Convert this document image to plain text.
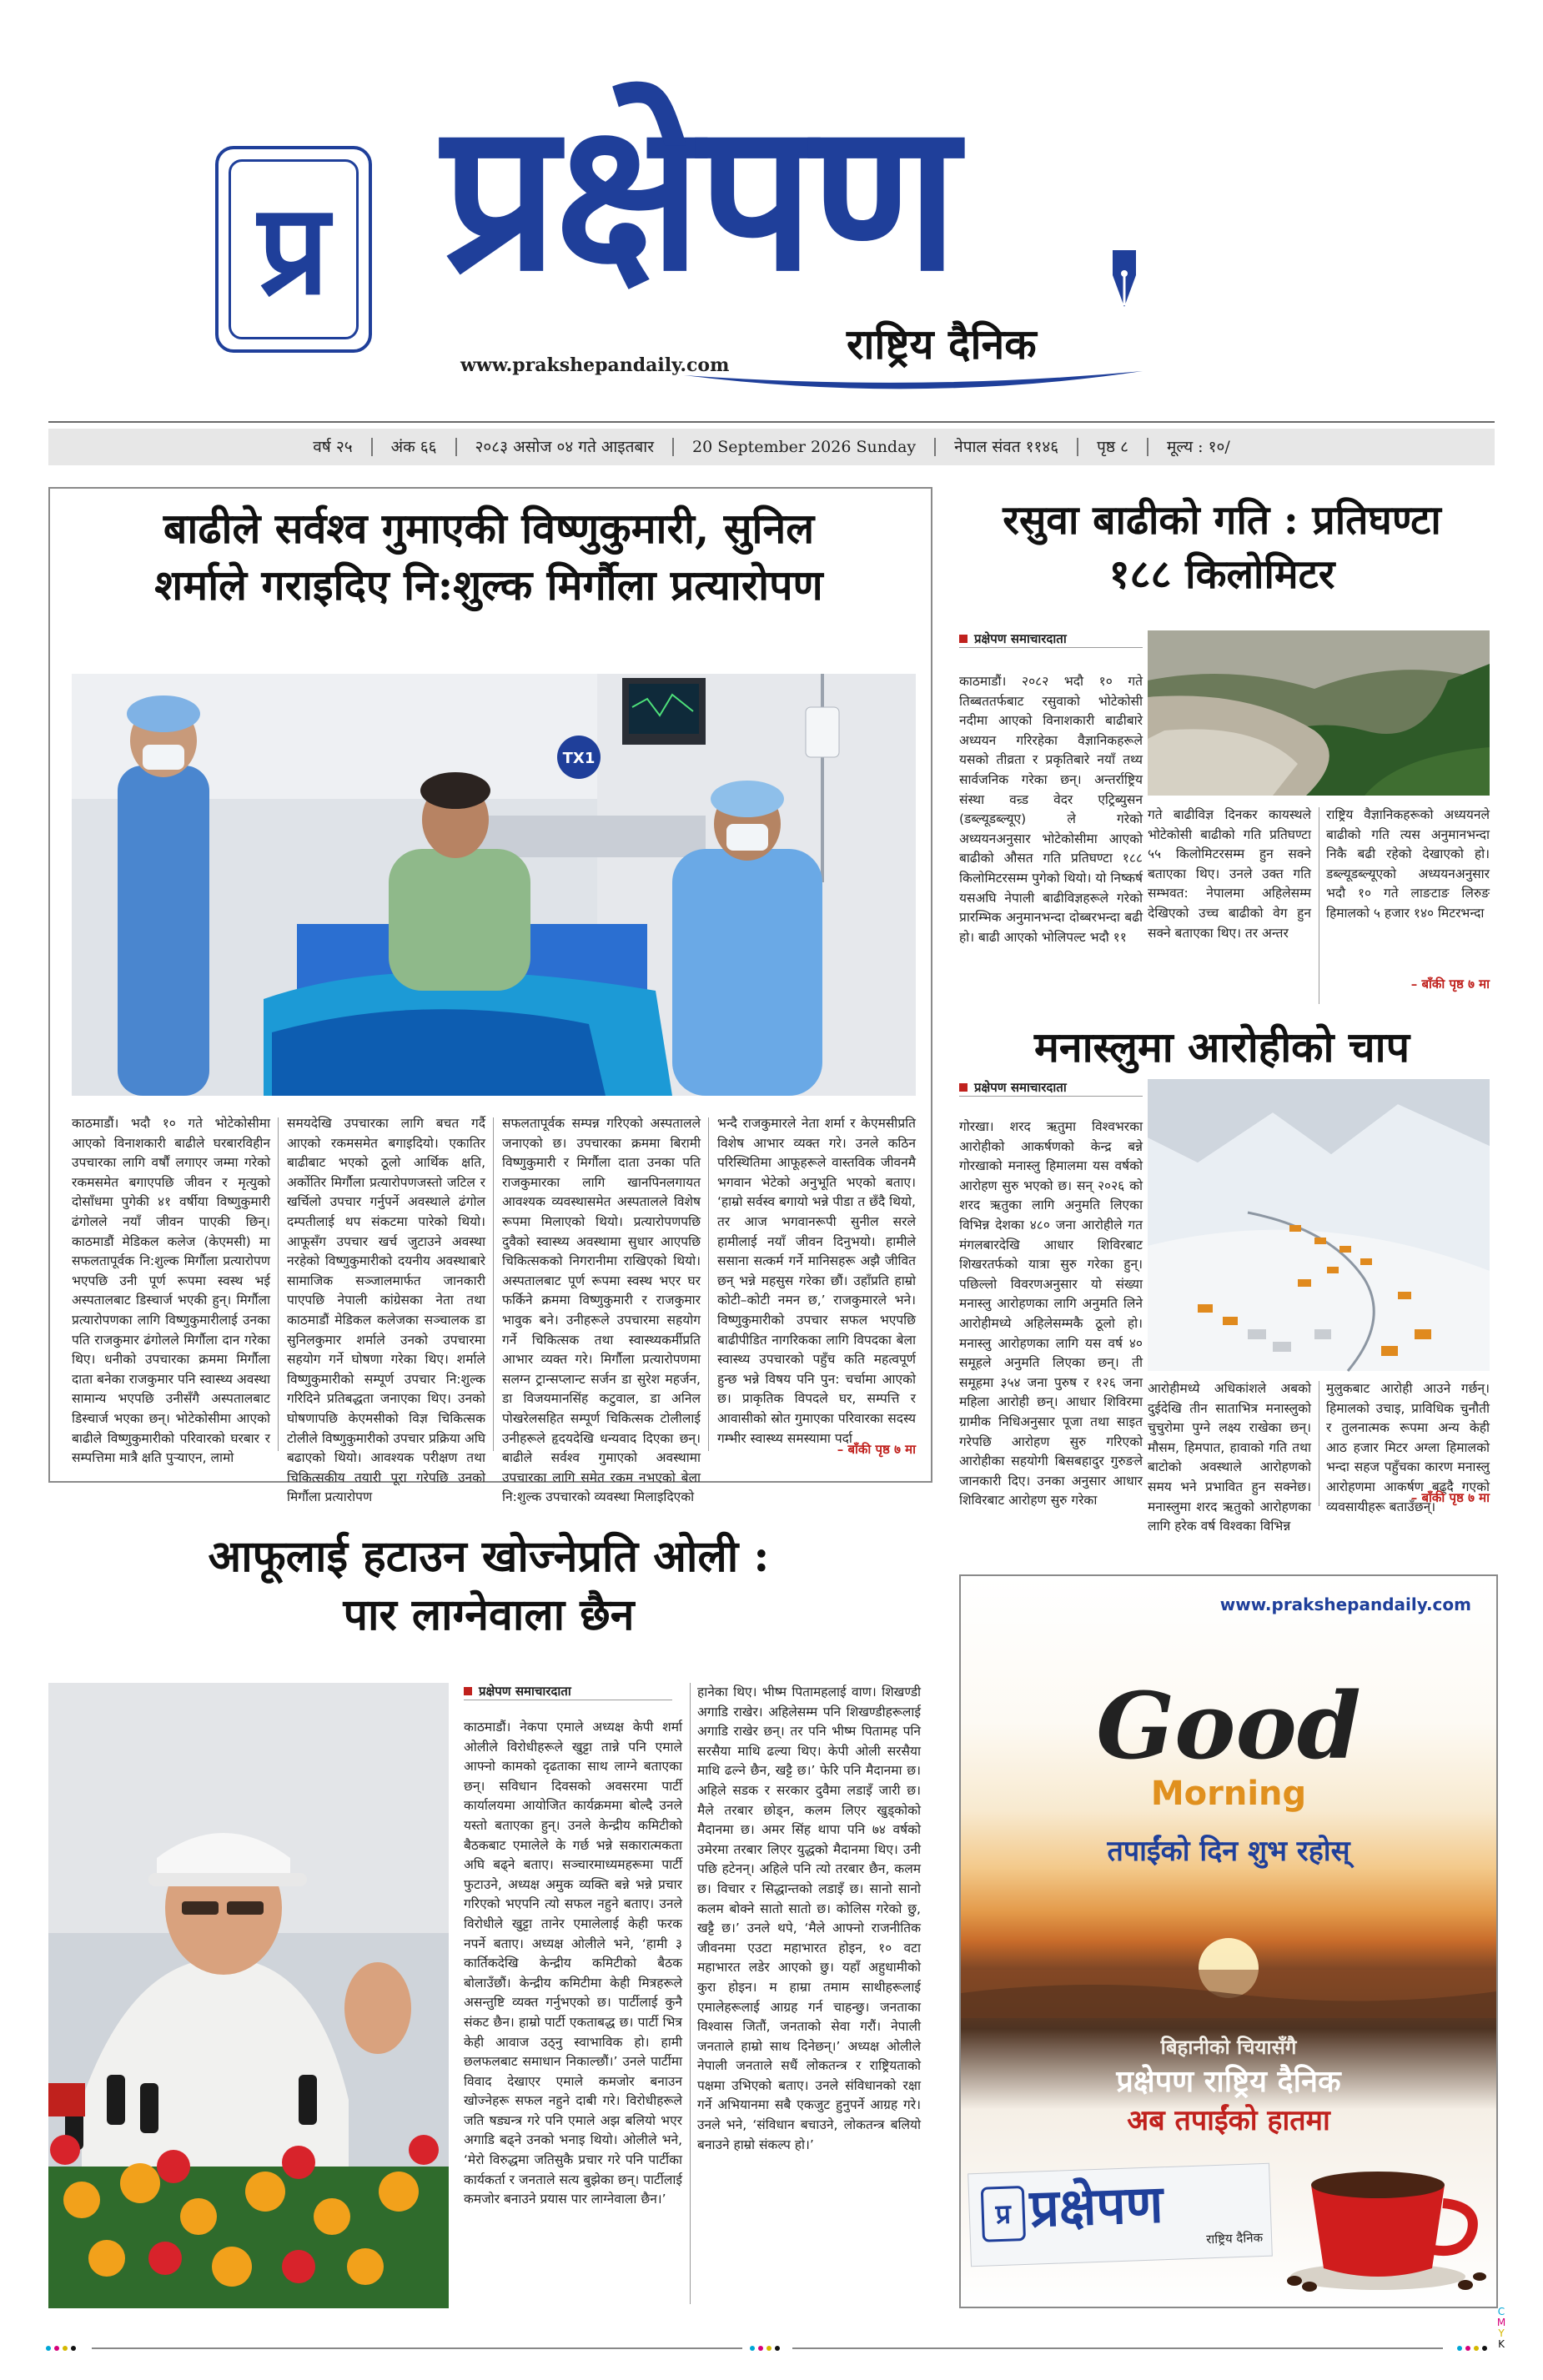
प्र प्रक्षेपण
राष्ट्रिय दैनिक
www.prakshepandaily.com
वर्ष २५	अंक ६६	२०८३ असोज ०४ गते आइतबार	20 September 2026 Sunday	नेपाल संवत ११४६	पृष्ठ ८	मूल्य : १०/
बाढीले सर्वश्व गुमाएकी विष्णुकुमारी, सुनिल
शर्माले गराइदिए नि:शुल्क मिर्गौला प्रत्यारोपण
TX1
काठमाडौं। भदौ १० गते भोटेकोसीमा आएको विनाशकारी बाढीले घरबारविहीन उपचारका लागि वर्षौं लगाएर जम्मा गरेको रकमसमेत बगाएपछि जीवन र मृत्युको दोसाँधमा पुगेकी ४१ वर्षीया विष्णुकुमारी ढंगोलले नयाँ जीवन पाएकी छिन्। काठमाडौं मेडिकल कलेज (केएमसी) मा सफलतापूर्वक नि:शुल्क मिर्गौला प्रत्यारोपण भएपछि उनी पूर्ण रूपमा स्वस्थ भई अस्पतालबाट डिस्चार्ज भएकी हुन्। मिर्गौला प्रत्यारोपणका लागि विष्णुकुमारीलाई उनका पति राजकुमार ढंगोलले मिर्गौला दान गरेका थिए। धनीको उपचारका क्रममा मिर्गौला दाता बनेका राजकुमार पनि स्वास्थ्य अवस्था सामान्य भएपछि उनीसँगै अस्पतालबाट डिस्चार्ज भएका छन्। भोटेकोसीमा आएको बाढीले विष्णुकुमारीको परिवारको घरबार र सम्पत्तिमा मात्रै क्षति पुऱ्याएन, लामो
समयदेखि उपचारका लागि बचत गर्दै आएको रकमसमेत बगाइदियो। एकातिर बाढीबाट भएको ठूलो आर्थिक क्षति, अर्कोतिर मिर्गौला प्रत्यारोपणजस्तो जटिल र खर्चिलो उपचार गर्नुपर्ने अवस्थाले ढंगोल दम्पतीलाई थप संकटमा पारेको थियो। आफूसँग उपचार खर्च जुटाउने अवस्था नरहेको विष्णुकुमारीको दयनीय अवस्थाबारे सामाजिक सञ्जालमार्फत जानकारी पाएपछि नेपाली कांग्रेसका नेता तथा काठमाडौं मेडिकल कलेजका सञ्चालक डा सुनिलकुमार शर्माले उनको उपचारमा सहयोग गर्ने घोषणा गरेका थिए। शर्माले विष्णुकुमारीको सम्पूर्ण उपचार नि:शुल्क गरिदिने प्रतिबद्धता जनाएका थिए। उनको घोषणापछि केएमसीको विज्ञ चिकित्सक टोलीले विष्णुकुमारीको उपचार प्रक्रिया अघि बढाएको थियो। आवश्यक परीक्षण तथा चिकित्सकीय तयारी पूरा गरेपछि उनको मिर्गौला प्रत्यारोपण
सफलतापूर्वक सम्पन्न गरिएको अस्पतालले जनाएको छ। उपचारका क्रममा बिरामी विष्णुकुमारी र मिर्गौला दाता उनका पति राजकुमारका लागि खानपिनलगायत आवश्यक व्यवस्थासमेत अस्पतालले विशेष रूपमा मिलाएको थियो। प्रत्यारोपणपछि दुवैको स्वास्थ्य अवस्थामा सुधार आएपछि चिकित्सकको निगरानीमा राखिएको थियो। अस्पतालबाट पूर्ण रूपमा स्वस्थ भएर घर फर्किने क्रममा विष्णुकुमारी र राजकुमार भावुक बने। उनीहरूले उपचारमा सहयोग गर्ने चिकित्सक तथा स्वास्थ्यकर्मीप्रति आभार व्यक्त गरे। मिर्गौला प्रत्यारोपणमा सलग्न ट्रान्सप्लान्ट सर्जन डा सुरेश महर्जन, डा विजयमानसिंह कटुवाल, डा अनिल पोखरेलसहित सम्पूर्ण चिकित्सक टोलीलाई उनीहरूले हृदयदेखि धन्यवाद दिएका छन्। बाढीले सर्वश्व गुमाएको अवस्थामा उपचारका लागि समेत रकम नभएको बेला नि:शुल्क उपचारको व्यवस्था मिलाइदिएको
भन्दै राजकुमारले नेता शर्मा र केएमसीप्रति विशेष आभार व्यक्त गरे। उनले कठिन परिस्थितिमा आफूहरूले वास्तविक जीवनमै भगवान भेटेको अनुभूति भएको बताए। ‘हाम्रो सर्वस्व बगायो भन्ने पीडा त छँदै थियो, तर आज भगवानरूपी सुनील सरले हामीलाई नयाँ जीवन दिनुभयो। हामीले ससाना सत्कर्म गर्ने मानिसहरू अझै जीवित छन् भन्ने महसुस गरेका छौं। उहाँप्रति हाम्रो कोटी–कोटी नमन छ,’ राजकुमारले भने। विष्णुकुमारीको उपचार सफल भएपछि बाढीपीडित नागरिकका लागि विपदका बेला स्वास्थ्य उपचारको पहुँच कति महत्वपूर्ण हुन्छ भन्ने विषय पनि पुन: चर्चामा आएको छ। प्राकृतिक विपदले घर, सम्पत्ति र आवासीको स्रोत गुमाएका परिवारका सदस्य गम्भीर स्वास्थ्य समस्यामा पर्दा
– बाँकी पृष्ठ ७ मा
रसुवा बाढीको गति : प्रतिघण्टा
१८८ किलोमिटर
प्रक्षेपण समाचारदाता
काठमाडौं। २०८२ भदौ १० गते तिब्बततर्फबाट रसुवाको भोटेकोसी नदीमा आएको विनाशकारी बाढीबारे अध्ययन गरिरहेका वैज्ञानिकहरूले यसको तीव्रता र प्रकृतिबारे नयाँ तथ्य सार्वजनिक गरेका छन्। अन्तर्राष्ट्रिय संस्था वन्र्ड वेदर एट्रिब्युसन (डब्ल्यूडब्ल्यूए) ले गरेको अध्ययनअनुसार भोटेकोसीमा आएको बाढीको औसत गति प्रतिघण्टा १८८ किलोमिटरसम्म पुगेको थियो। यो निष्कर्ष यसअघि नेपाली बाढीविज्ञहरूले गरेको प्रारम्भिक अनुमानभन्दा दोब्बरभन्दा बढी हो। बाढी आएको भोलिपल्ट भदौ ११
गते बाढीविज्ञ दिनकर कायस्थले भोटेकोसी बाढीको गति प्रतिघण्टा ५५ किलोमिटरसम्म हुन सक्ने बताएका थिए। उनले उक्त गति सम्भवत: नेपालमा अहिलेसम्म देखिएको उच्च बाढीको वेग हुन सक्ने बताएका थिए। तर अन्तर
राष्ट्रिय वैज्ञानिकहरूको अध्ययनले बाढीको गति त्यस अनुमानभन्दा निकै बढी रहेको देखाएको हो। डब्ल्यूडब्ल्यूएको अध्ययनअनुसार भदौ १० गते लाङटाङ लिरुङ हिमालको ५ हजार १४० मिटरभन्दा
– बाँकी पृष्ठ ७ मा
मनास्लुमा आरोहीको चाप
प्रक्षेपण समाचारदाता
गोरखा। शरद ऋतुमा विश्वभरका आरोहीको आकर्षणको केन्द्र बन्ने गोरखाको मनास्लु हिमालमा यस वर्षको आरोहण सुरु भएको छ। सन् २०२६ को शरद ऋतुका लागि अनुमति लिएका विभिन्न देशका ४८० जना आरोहीले गत मंगलबारदेखि आधार शिविरबाट शिखरतर्फको यात्रा सुरु गरेका हुन्। पछिल्लो विवरणअनुसार यो संख्या मनास्लु आरोहणका लागि अनुमति लिने आरोहीमध्ये अहिलेसम्मकै ठूलो हो। मनास्लु आरोहणका लागि यस वर्ष ४० समूहले अनुमति लिएका छन्। ती समूहमा ३५४ जना पुरुष र १२६ जना महिला आरोही छन्। आधार शिविरमा ग्रामीक निधिअनुसार पूजा तथा साइत गरेपछि आरोहण सुरु गरिएको आरोहीका सहयोगी बिसबहादुर गुरुङले जानकारी दिए। उनका अनुसार आधार शिविरबाट आरोहण सुरु गरेका
आरोहीमध्ये अधिकांशले अबको दुईदेखि तीन साताभित्र मनास्लुको चुचुरोमा पुग्ने लक्ष्य राखेका छन्। मौसम, हिमपात, हावाको गति तथा बाटोको अवस्थाले आरोहणको समय भने प्रभावित हुन सक्नेछ। मनास्लुमा शरद ऋतुको आरोहणका लागि हरेक वर्ष विश्वका विभिन्न
मुलुकबाट आरोही आउने गर्छन्। हिमालको उचाइ, प्राविधिक चुनौती र तुलनात्मक रूपमा अन्य केही आठ हजार मिटर अग्ला हिमालको भन्दा सहज पहुँचका कारण मनास्लु आरोहणमा आकर्षण बढ्दै गएको व्यवसायीहरू बताउँछन्।
– बाँकी पृष्ठ ७ मा
आफूलाई हटाउन खोज्नेप्रति ओली :
पार लाग्नेवाला छैन
प्रक्षेपण समाचारदाता
काठमाडौं। नेकपा एमाले अध्यक्ष केपी शर्मा ओलीले विरोधीहरूले खुट्टा तान्ने पनि एमाले आफ्नो कामको दृढताका साथ लाग्ने बताएका छन्। सविधान दिवसको अवसरमा पार्टी कार्यालयमा आयोजित कार्यक्रममा बोल्दै उनले यस्तो बताएका हुन्। उनले केन्द्रीय कमिटीको बैठकबाट एमालेले के गर्छ भन्ने सकारात्मकता अघि बढ्ने बताए। सञ्चारमाध्यमहरूमा पार्टी फुटाउने, अध्यक्ष अमुक व्यक्ति बन्ने भन्ने प्रचार गरिएको भएपनि त्यो सफल नहुने बताए। उनले विरोधीले खुट्टा तानेर एमालेलाई केही फरक नपर्ने बताए। अध्यक्ष ओलीले भने, ‘हामी ३ कार्तिकदेखि केन्द्रीय कमिटीको बैठक बोलाउँछौं। केन्द्रीय कमिटीमा केही मित्रहरूले असन्तुष्टि व्यक्त गर्नुभएको छ। पार्टीलाई कुनै संकट छैन। हाम्रो पार्टी एकताबद्ध छ। पार्टी भित्र केही आवाज उठ्नु स्वाभाविक हो। हामी छलफलबाट समाधान निकाल्छौं।’ उनले पार्टीमा विवाद देखाएर एमाले कमजोर बनाउन खोज्नेहरू सफल नहुने दाबी गरे। विरोधीहरूले जति षड्यन्त्र गरे पनि एमाले अझ बलियो भएर अगाडि बढ्ने उनको भनाइ थियो। ओलीले भने, ‘मेरो विरुद्धमा जतिसुकै प्रचार गरे पनि पार्टीका कार्यकर्ता र जनताले सत्य बुझेका छन्। पार्टीलाई कमजोर बनाउने प्रयास पार लाग्नेवाला छैन।’
हानेका थिए। भीष्म पितामहलाई वाण। शिखण्डी अगाडि राखेर। अहिलेसम्म पनि शिखण्डीहरूलाई अगाडि राखेर छन्। तर पनि भीष्म पितामह पनि सरसैया माथि ढल्या थिए। केपी ओली सरसैया माथि ढल्ने छैन, खट्टै छ।’ फेरि पनि मैदानमा छ। अहिले सडक र सरकार दुवैमा लडाइँ जारी छ। मैले तरबार छोड्न, कलम लिएर खुड्कोको मैदानमा छ। अमर सिंह थापा पनि ७४ वर्षको उमेरमा तरबार लिएर युद्धको मैदानमा थिए। उनी पछि हटेनन्। अहिले पनि त्यो तरबार छैन, कलम छ। विचार र सिद्धान्तको लडाइँ छ। सानो सानो कलम बोक्ने सातो सातो छ। कोलिस गरेको छु, खट्टै छ।’ उनले थपे, ‘मैले आफ्नो राजनीतिक जीवनमा एउटा महाभारत होइन, १० वटा महाभारत लडेर आएको छु। यहाँ अहुधामीको कुरा होइन। म हाम्रा तमाम साथीहरूलाई एमालेहरूलाई आग्रह गर्न चाहन्छु। जनताका विश्वास जितौं, जनताको सेवा गरौं। नेपाली जनताले हाम्रो साथ दिनेछन्।’ अध्यक्ष ओलीले नेपाली जनताले सधैं लोकतन्त्र र राष्ट्रियताको पक्षमा उभिएको बताए। उनले संविधानको रक्षा गर्ने अभियानमा सबै एकजुट हुनुपर्ने आग्रह गरे। उनले भने, ‘संविधान बचाउने, लोकतन्त्र बलियो बनाउने हाम्रो संकल्प हो।’
www.prakshepandaily.com
Good
Morning
तपाईंको दिन शुभ रहोस्
बिहानीको चियासँगै
प्रक्षेपण राष्ट्रिय दैनिक
अब तपाईंको हातमा
प्र प्रक्षेपण	राष्ट्रिय दैनिक
C
M
Y
K
